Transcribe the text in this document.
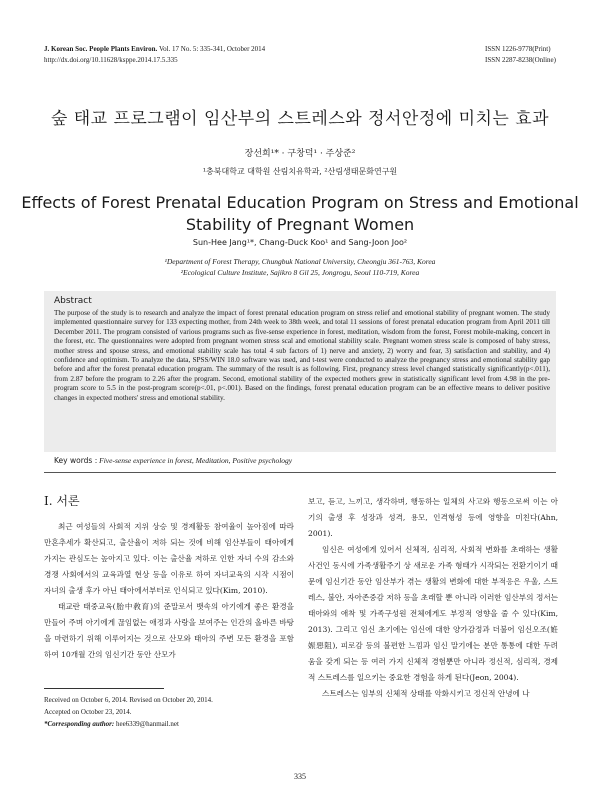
J. Korean Soc. People Plants Environ. Vol. 17 No. 5: 335-341, October 2014
http://dx.doi.org/10.11628/ksppe.2014.17.5.335
ISSN 1226-9778(Print)
ISSN 2287-8238(Online)
숲 태교 프로그램이 임산부의 스트레스와 정서안정에 미치는 효과
장선희¹* · 구창덕¹ · 주상준²
¹충북대학교 대학원 산림치유학과, ²산림생태문화연구원
Effects of Forest Prenatal Education Program on Stress and Emotional
Stability of Pregnant Women
Sun-Hee Jang¹*, Chang-Duck Koo¹ and Sang-Joon Joo²
¹Department of Forest Therapy, Chungbuk National University, Cheongju 361-763, Korea
²Ecological Culture Institute, Sajikro 8 Gil 25, Jongrogu, Seoul 110-719, Korea
Abstract
The purpose of the study is to research and analyze the impact of forest prenatal education program on stress relief and emotional stability of pregnant women. The study implemented questionnaire survey for 133 expecting mother, from 24th week to 38th week, and total 11 sessions of forest prenatal education program from April 2011 till December 2011. The program consisted of various programs such as five-sense experience in forest, meditation, wisdom from the forest, Forest mobile-making, concert in the forest, etc. The questionnaires were adopted from pregnant women stress scal and emotional stability scale. Pregnant women stress scale is composed of baby stress, mother stress and spouse stress, and emotional stability scale has total 4 sub factors of 1) nerve and anxiety, 2) worry and fear, 3) satisfaction and stability, and 4) confidence and optimism. To analyze the data, SPSS/WIN 18.0 software was used, and t-test were conducted to analyze the pregnancy stress and emotional stability gap before and after the forest prenatal education program. The summary of the result is as following. First, pregnancy stress level changed statistically significantly(p<.011), from 2.87 before the program to 2.26 after the program. Second, emotional stability of the expected mothers grew in statistically significant level from 4.98 in the pre-program score to 5.5 in the post-program score(p<.01, p<.001). Based on the findings, forest prenatal education program can be an effective means to deliver positive changes in expected mothers' stress and emotional stability.
Key words : Five-sense experience in forest, Meditation, Positive psychology
Ⅰ. 서론

최근 여성들의 사회적 지위 상승 및 경제활동 참여율이 높아짐에 따라 만혼추세가 확산되고, 출산율이 저하 되는 것에 비해 임산부들이 태아에게 가지는 관심도는 높아지고 있다. 이는 출산율 저하로 인한 자녀 수의 감소와 경쟁 사회에서의 교육과열 현상 등을 이유로 하여 자녀교육의 시작 시점이 자녀의 출생 후가 아닌 태아에서부터로 인식되고 있다(Kim, 2010).

태교란 태중교육(胎中敎育)의 준말로서 뱃속의 아기에게 좋은 환경을 만들어 주며 아기에게 끊임없는 애정과 사랑을 보여주는 인간의 올바른 바탕을 마련하기 위해 이루어지는 것으로 산모와 태아의 주변 모든 환경을 포함하여 10개월 간의 임신기간 동안 산모가

보고, 듣고, 느끼고, 생각하며, 행동하는 일체의 사고와 행동으로써 이는 아기의 출생 후 성장과 성격, 용모, 인격형성 등에 영향을 미친다(Ahn, 2001).

임신은 여성에게 있어서 신체적, 심리적, 사회적 변화를 초래하는 생활사건인 동시에 가족생활주기 상 새로운 가족 형태가 시작되는 전환기이기 때문에 임신기간 동안 임산부가 겪는 생활의 변화에 대한 부적응은 우울, 스트레스, 불안, 자아존중감 저하 등을 초래할 뿐 아니라 이러한 임산부의 정서는 태아와의 애착 및 가족구성원 전체에게도 부정적 영향을 줄 수 있다(Kim, 2013). 그리고 임신 초기에는 임신에 대한 양가감정과 더불어 임신오조(姙娠惡阻), 피로감 등의 불편한 느낌과 임신 말기에는 분만 통통에 대한 두려움을 갖게 되는 등 여러 가지 신체적 경험뿐만 아니라 정신적, 심리적, 경제적 스트레스를 일으키는 중요한 경험을 하게 된다(Jeon, 2004).

스트레스는 임부의 신체적 상태를 악화시키고 정신적 안녕에 나

Received on October 6, 2014. Revised on October 20, 2014.
Accepted on October 23, 2014.
*Corresponding author: hee6339@hanmail.net
335
